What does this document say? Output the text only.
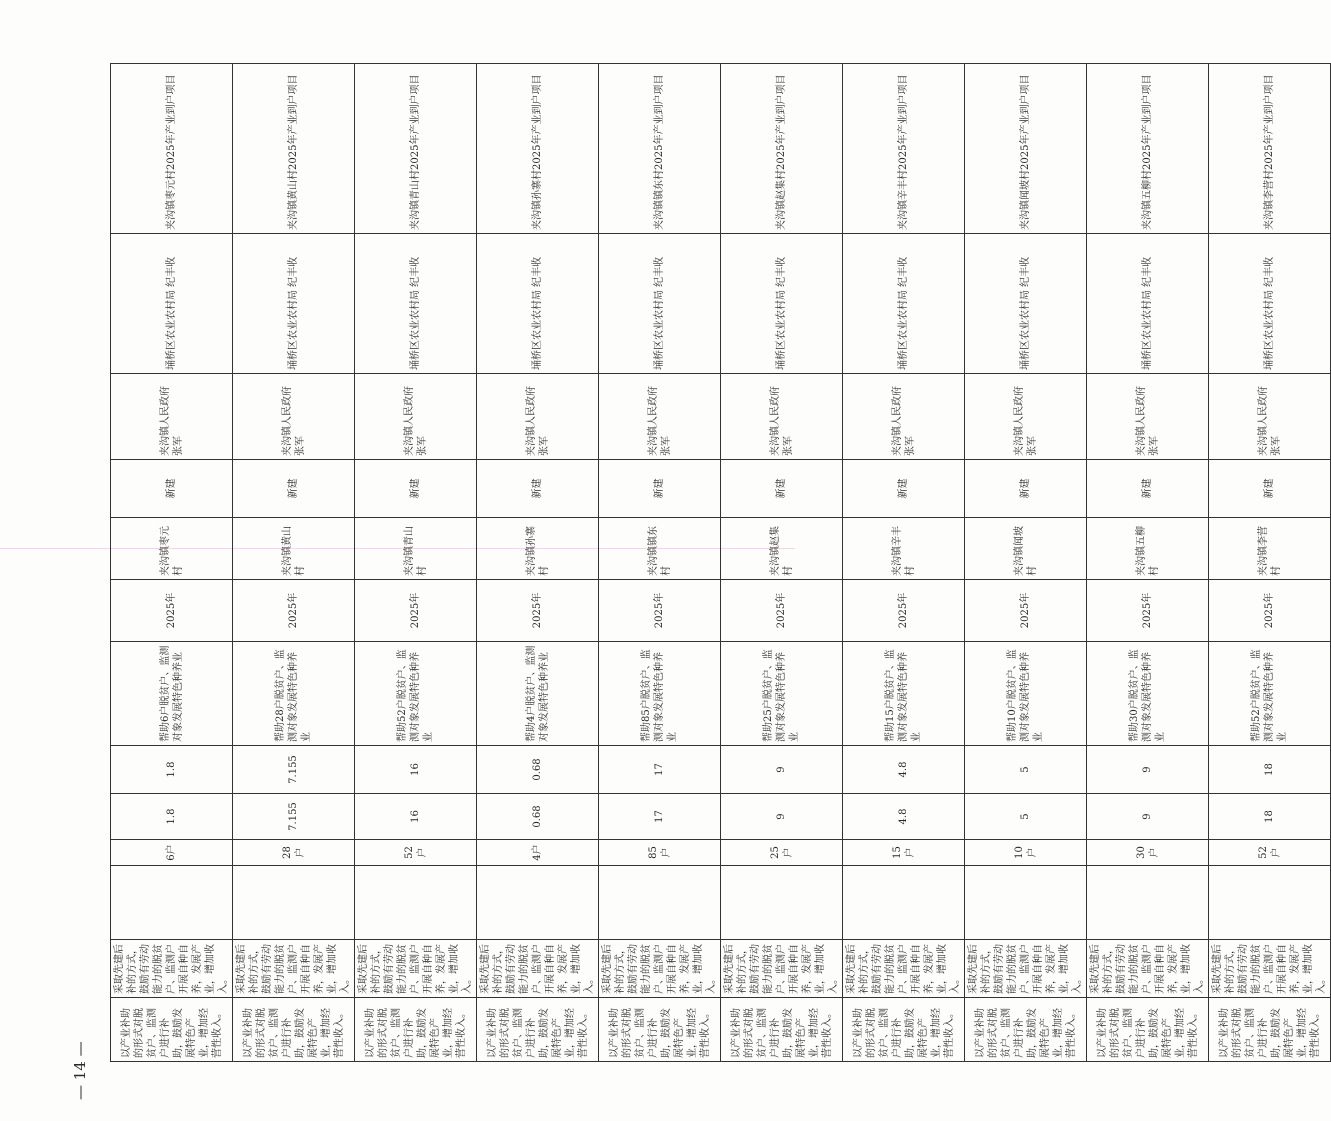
— 14 —
以产业补助的形式对脱贫户、监测户进行补助，鼓励发展特色产业，增加经营性收入。	采取先建后补的方式，鼓励有劳动能力的脱贫户、监测户开展自种自养，发展产业，增加收入。		6户	1.8	1.8	帮助6户脱贫户、监测对象发展特色种养业	2025年	夹沟镇枣元村	新建	夹沟镇人民政府 张军	埇桥区农业农村局 纪丰收	夹沟镇枣元村2025年产业到户项目
以产业补助的形式对脱贫户、监测户进行补助，鼓励发展特色产业，增加经营性收入。	采取先建后补的方式，鼓励有劳动能力的脱贫户、监测户开展自种自养，发展产业，增加收入。		28户	7.155	7.155	帮助28户脱贫户、监测对象发展特色种养业	2025年	夹沟镇黄山村	新建	夹沟镇人民政府 张军	埇桥区农业农村局 纪丰收	夹沟镇黄山村2025年产业到户项目
以产业补助的形式对脱贫户、监测户进行补助，鼓励发展特色产业，增加经营性收入。	采取先建后补的方式，鼓励有劳动能力的脱贫户、监测户开展自种自养，发展产业，增加收入。		52户	16	16	帮助52户脱贫户、监测对象发展特色种养业	2025年	夹沟镇青山村	新建	夹沟镇人民政府 张军	埇桥区农业农村局 纪丰收	夹沟镇青山村2025年产业到户项目
以产业补助的形式对脱贫户、监测户进行补助，鼓励发展特色产业，增加经营性收入。	采取先建后补的方式，鼓励有劳动能力的脱贫户、监测户开展自种自养，发展产业，增加收入。		4户	0.68	0.68	帮助4户脱贫户、监测对象发展特色种养业	2025年	夹沟镇孙寨村	新建	夹沟镇人民政府 张军	埇桥区农业农村局 纪丰收	夹沟镇孙寨村2025年产业到户项目
以产业补助的形式对脱贫户、监测户进行补助，鼓励发展特色产业，增加经营性收入。	采取先建后补的方式，鼓励有劳动能力的脱贫户、监测户开展自种自养，发展产业，增加收入。		85户	17	17	帮助85户脱贫户、监测对象发展特色种养业	2025年	夹沟镇镇东村	新建	夹沟镇人民政府 张军	埇桥区农业农村局 纪丰收	夹沟镇镇东村2025年产业到户项目
以产业补助的形式对脱贫户、监测户进行补助，鼓励发展特色产业，增加经营性收入。	采取先建后补的方式，鼓励有劳动能力的脱贫户、监测户开展自种自养，发展产业，增加收入。		25户	9	9	帮助25户脱贫户、监测对象发展特色种养业	2025年	夹沟镇赵集村	新建	夹沟镇人民政府 张军	埇桥区农业农村局 纪丰收	夹沟镇赵集村2025年产业到户项目
以产业补助的形式对脱贫户、监测户进行补助，鼓励发展特色产业，增加经营性收入。	采取先建后补的方式，鼓励有劳动能力的脱贫户、监测户开展自种自养，发展产业，增加收入。		15户	4.8	4.8	帮助15户脱贫户、监测对象发展特色种养业	2025年	夹沟镇辛丰村	新建	夹沟镇人民政府 张军	埇桥区农业农村局 纪丰收	夹沟镇辛丰村2025年产业到户项目
以产业补助的形式对脱贫户、监测户进行补助，鼓励发展特色产业，增加经营性收入。	采取先建后补的方式，鼓励有劳动能力的脱贫户、监测户开展自种自养，发展产业，增加收入。		10户	5	5	帮助10户脱贫户、监测对象发展特色种养业	2025年	夹沟镇闻坡村	新建	夹沟镇人民政府 张军	埇桥区农业农村局 纪丰收	夹沟镇闻坡村2025年产业到户项目
以产业补助的形式对脱贫户、监测户进行补助，鼓励发展特色产业，增加经营性收入。	采取先建后补的方式，鼓励有劳动能力的脱贫户、监测户开展自种自养，发展产业，增加收入。		30户	9	9	帮助30户脱贫户、监测对象发展特色种养业	2025年	夹沟镇五柳村	新建	夹沟镇人民政府 张军	埇桥区农业农村局 纪丰收	夹沟镇五柳村2025年产业到户项目
以产业补助的形式对脱贫户、监测户进行补助，鼓励发展特色产业，增加经营性收入。	采取先建后补的方式，鼓励有劳动能力的脱贫户、监测户开展自种自养，发展产业，增加收入。		52户	18	18	帮助52户脱贫户、监测对象发展特色种养业	2025年	夹沟镇李营村	新建	夹沟镇人民政府 张军	埇桥区农业农村局 纪丰收	夹沟镇李营村2025年产业到户项目
